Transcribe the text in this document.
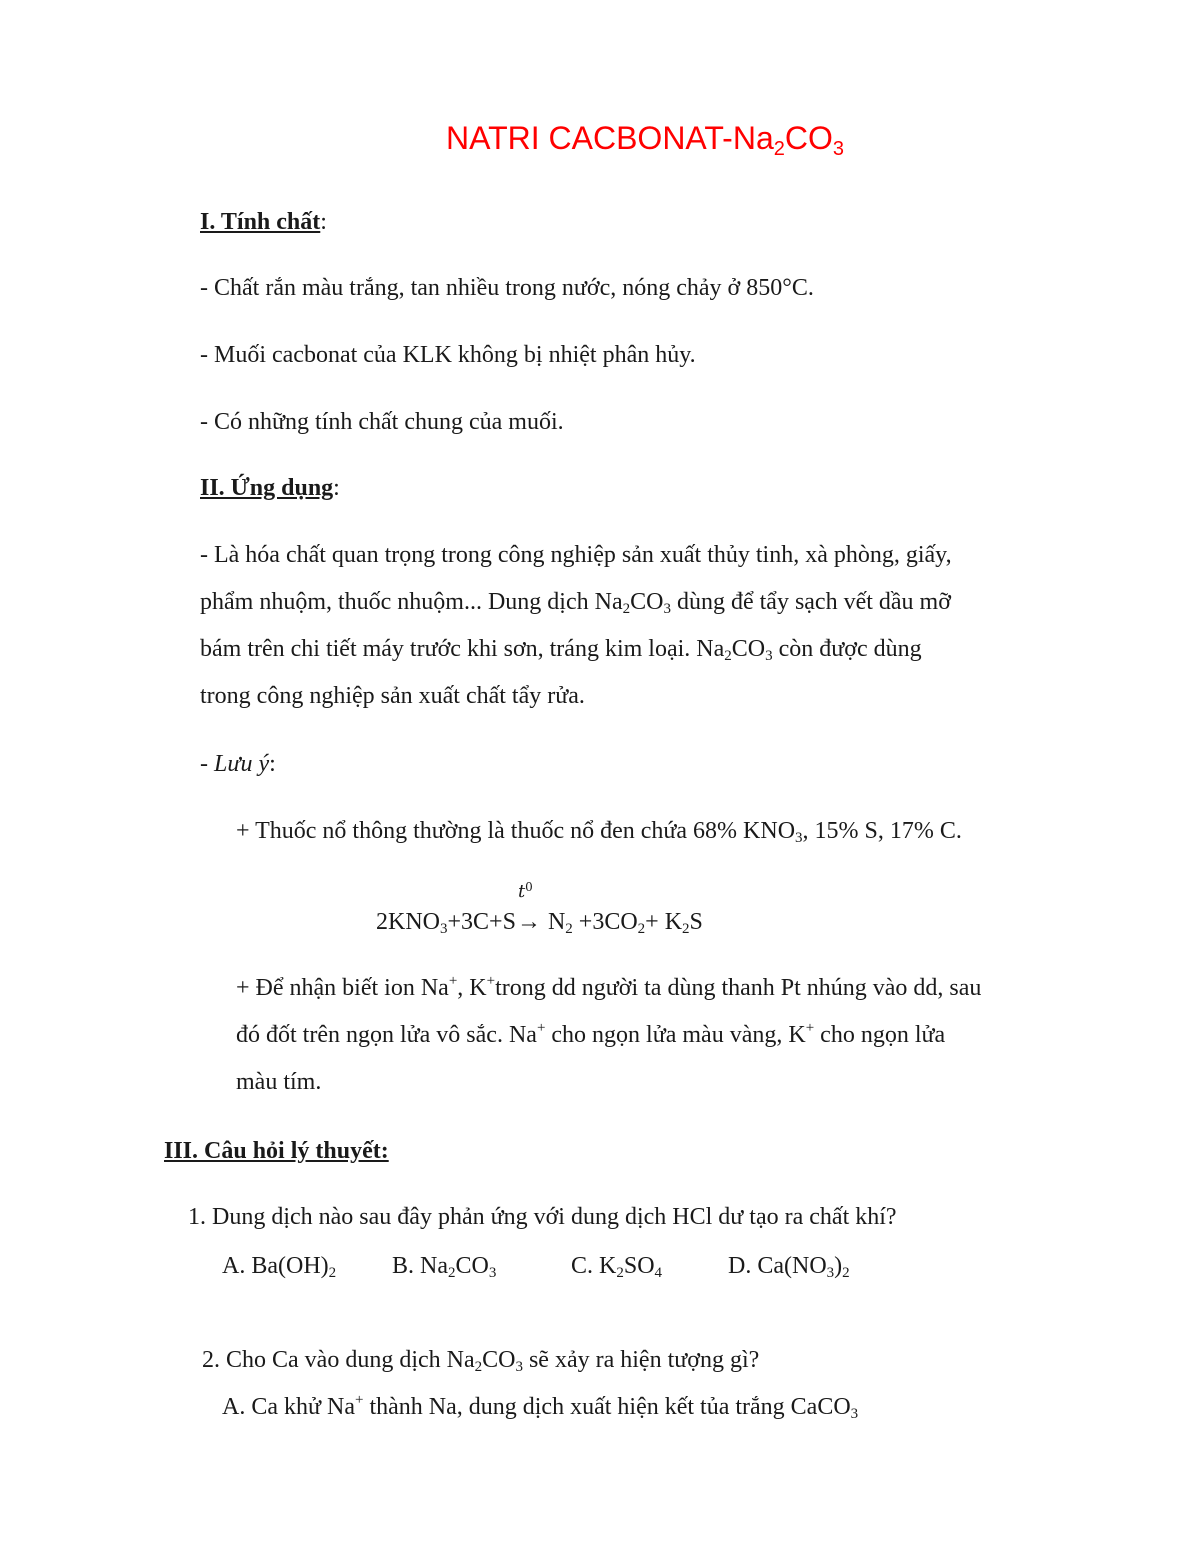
NATRI CACBONAT-$Na_2CO_3$
I. Tính chất:
- Chất rắn màu trắng, tan nhiều trong nước, nóng chảy ở 850°C.
- Muối cacbonat của KLK không bị nhiệt phân hủy.
- Có những tính chất chung của muối.
II. Ứng dụng:
- Là hóa chất quan trọng trong công nghiệp sản xuất thủy tinh, xà phòng, giấy,
phẩm nhuộm, thuốc nhuộm... Dung dịch $Na_2CO_3$ dùng để tẩy sạch vết dầu mỡ
bám trên chi tiết máy trước khi sơn, tráng kim loại. $Na_2CO_3$ còn được dùng
trong công nghiệp sản xuất chất tẩy rửa.
- Lưu ý:
+ Thuốc nổ thông thường là thuốc nổ đen chứa 68% $KNO_3$, 15% S, 17% C.
$2KNO_3+3C+S$
$t^0$
→ $N_2 +3CO_2+ K_2S$
+ Để nhận biết ion Na+, K+trong dd người ta dùng thanh Pt nhúng vào dd, sau
đó đốt trên ngọn lửa vô sắc. Na+ cho ngọn lửa màu vàng, K+ cho ngọn lửa
màu tím.
III. Câu hỏi lý thuyết:
1. Dung dịch nào sau đây phản ứng với dung dịch HCl dư tạo ra chất khí?
A. $Ba(OH)_2$ B. $Na_2CO_3$	C. $K_2SO_4$	D. $Ca(NO_3)_2$
2. Cho Ca vào dung dịch $Na_2CO_3$ sẽ xảy ra hiện tượng gì?
A. Ca khử Na+ thành Na, dung dịch xuất hiện kết tủa trắng CaCO$_3$
